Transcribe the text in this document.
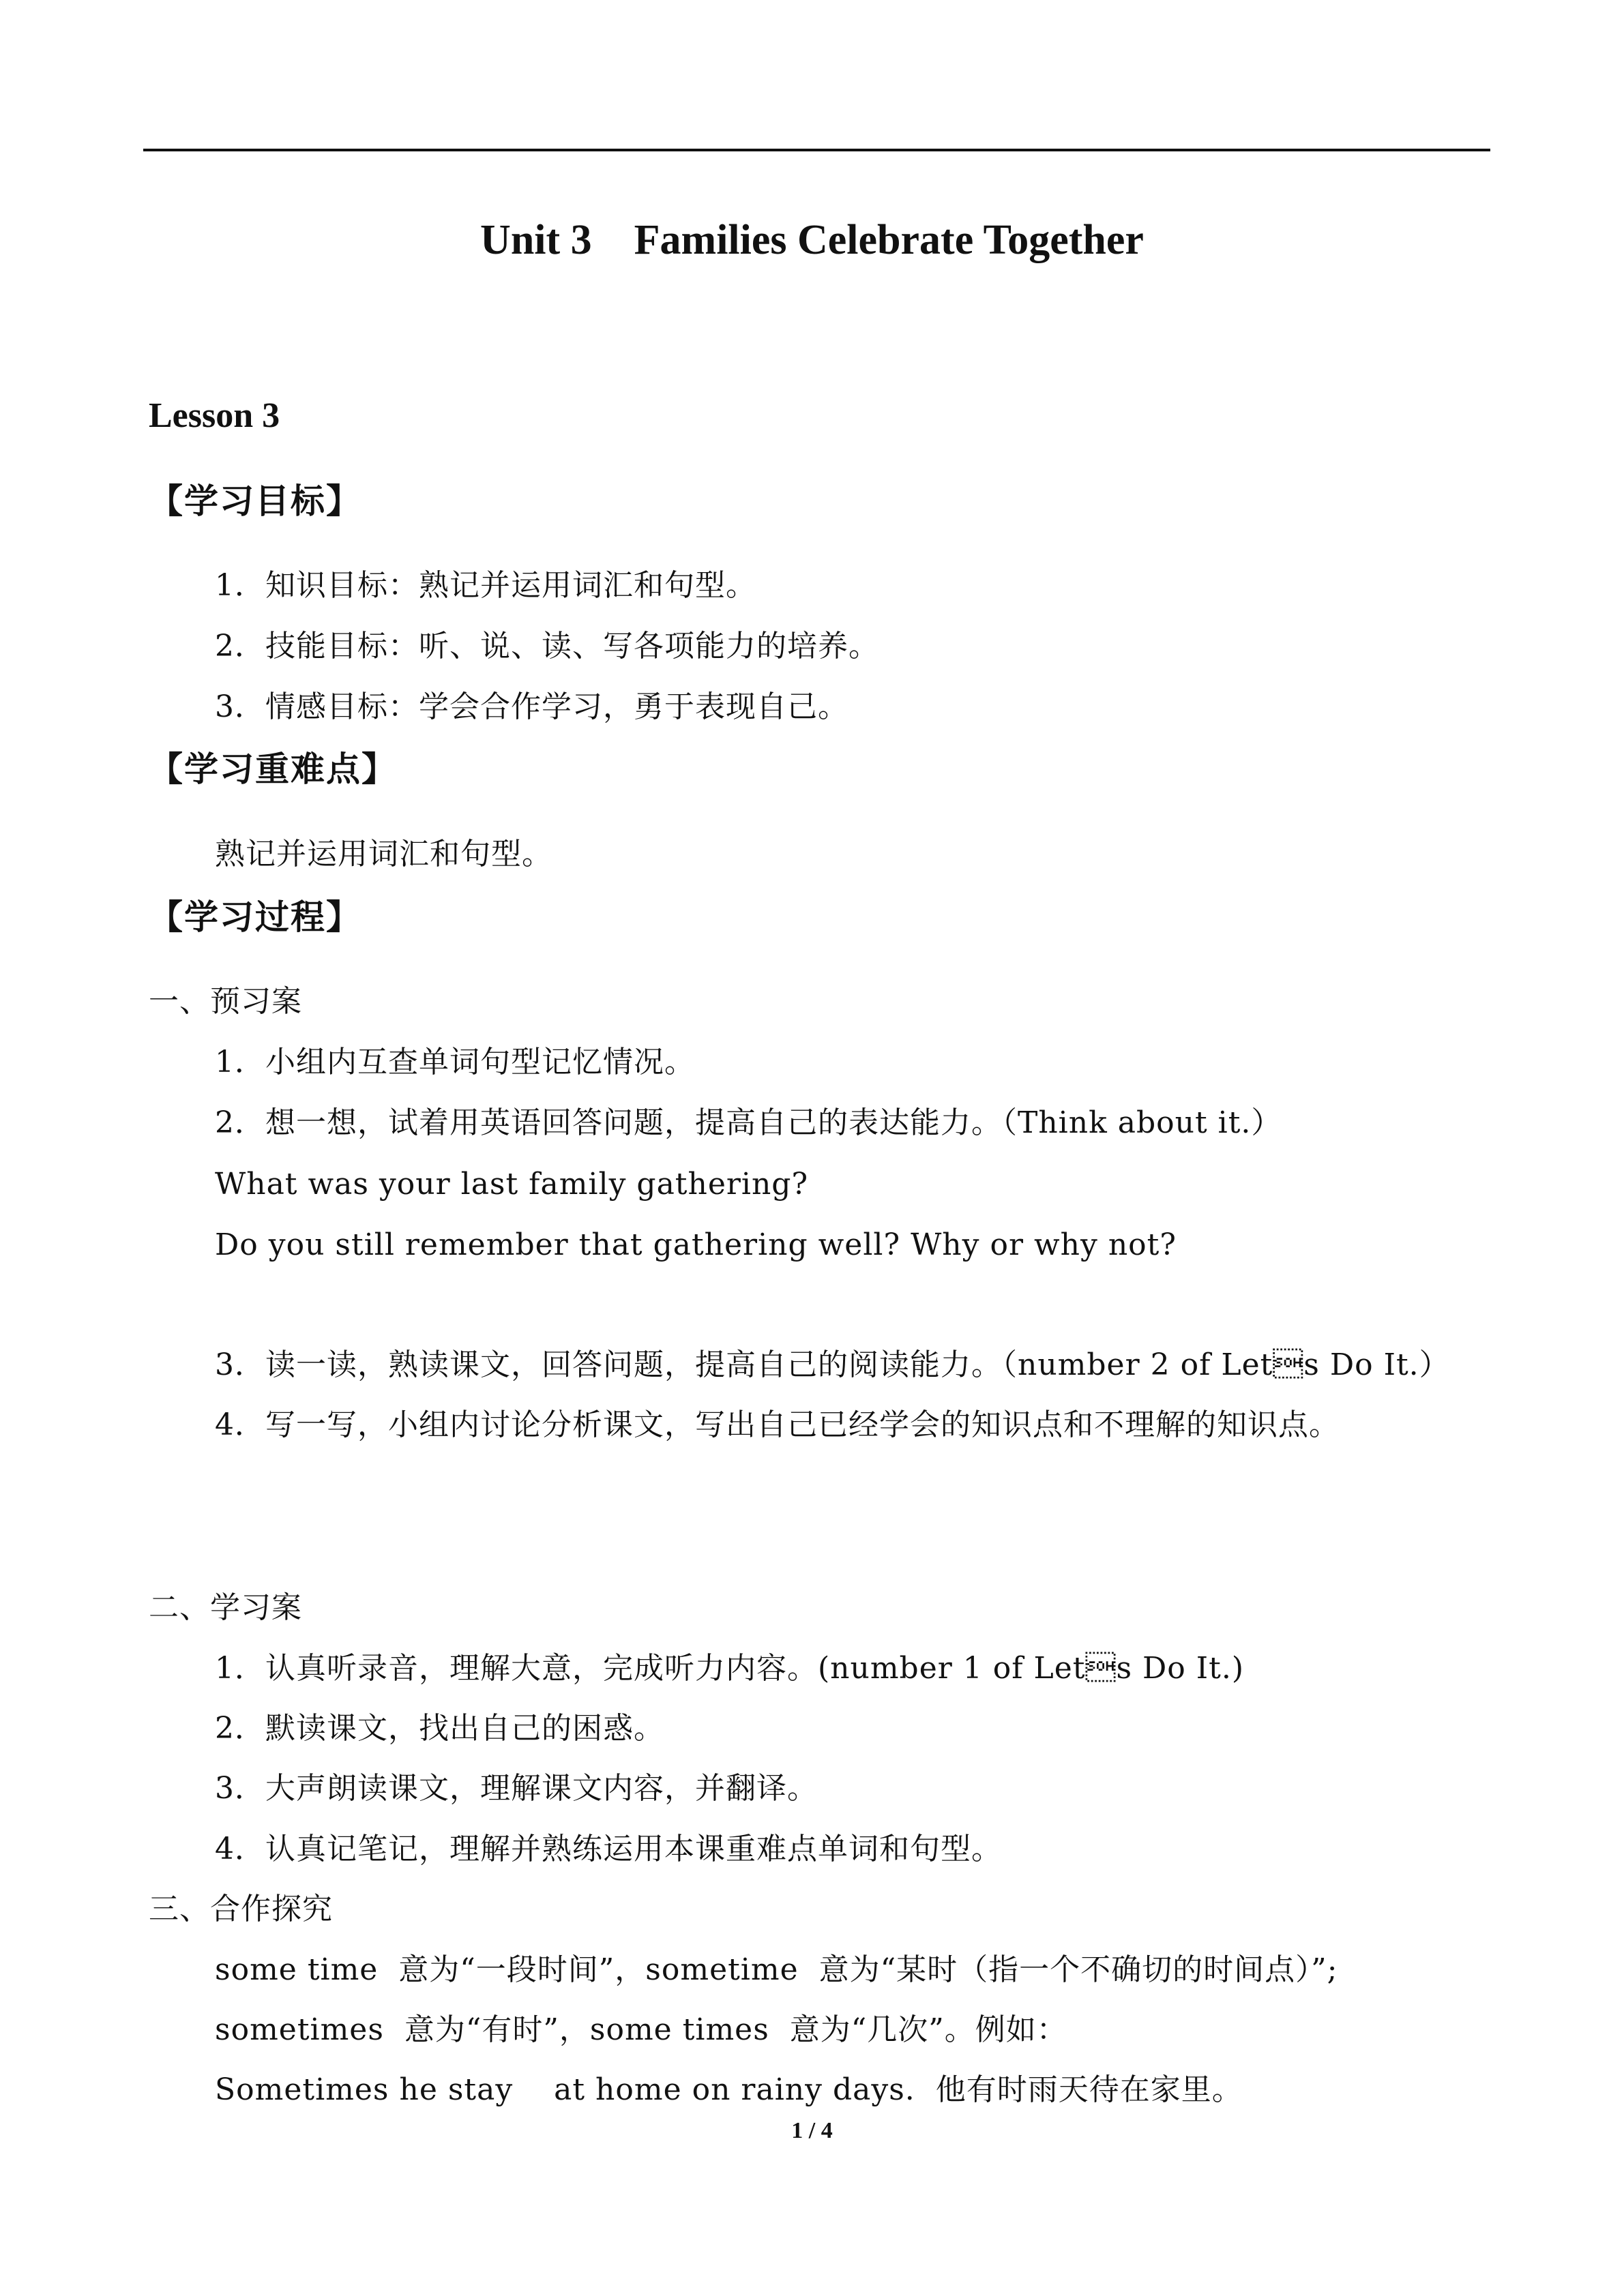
Unit 3　Families Celebrate Together
Lesson 3
【学习目标】
1．知识目标：熟记并运用词汇和句型。
2．技能目标：听、说、读、写各项能力的培养。
3．情感目标：学会合作学习，勇于表现自己。
【学习重难点】
熟记并运用词汇和句型。
【学习过程】
一、预习案
1．小组内互查单词句型记忆情况。
2．想一想，试着用英语回答问题，提高自己的表达能力。（Think about it.）
What was your last family gathering?
Do you still remember that gathering well? Why or why not?
3．读一读，熟读课文，回答问题，提高自己的阅读能力。（number 2 of Lets Do It.）
4．写一写，小组内讨论分析课文，写出自己已经学会的知识点和不理解的知识点。
二、学习案
1．认真听录音，理解大意，完成听力内容。(number 1 of Lets Do It.)
2．默读课文，找出自己的困惑。
3．大声朗读课文，理解课文内容，并翻译。
4．认真记笔记，理解并熟练运用本课重难点单词和句型。
三、合作探究
some time  意为“一段时间”，sometime  意为“某时（指一个不确切的时间点）”;
sometimes  意为“有时”，some times  意为“几次”。例如：
Sometimes he stay    at home on rainy days.  他有时雨天待在家里。
1 / 4
